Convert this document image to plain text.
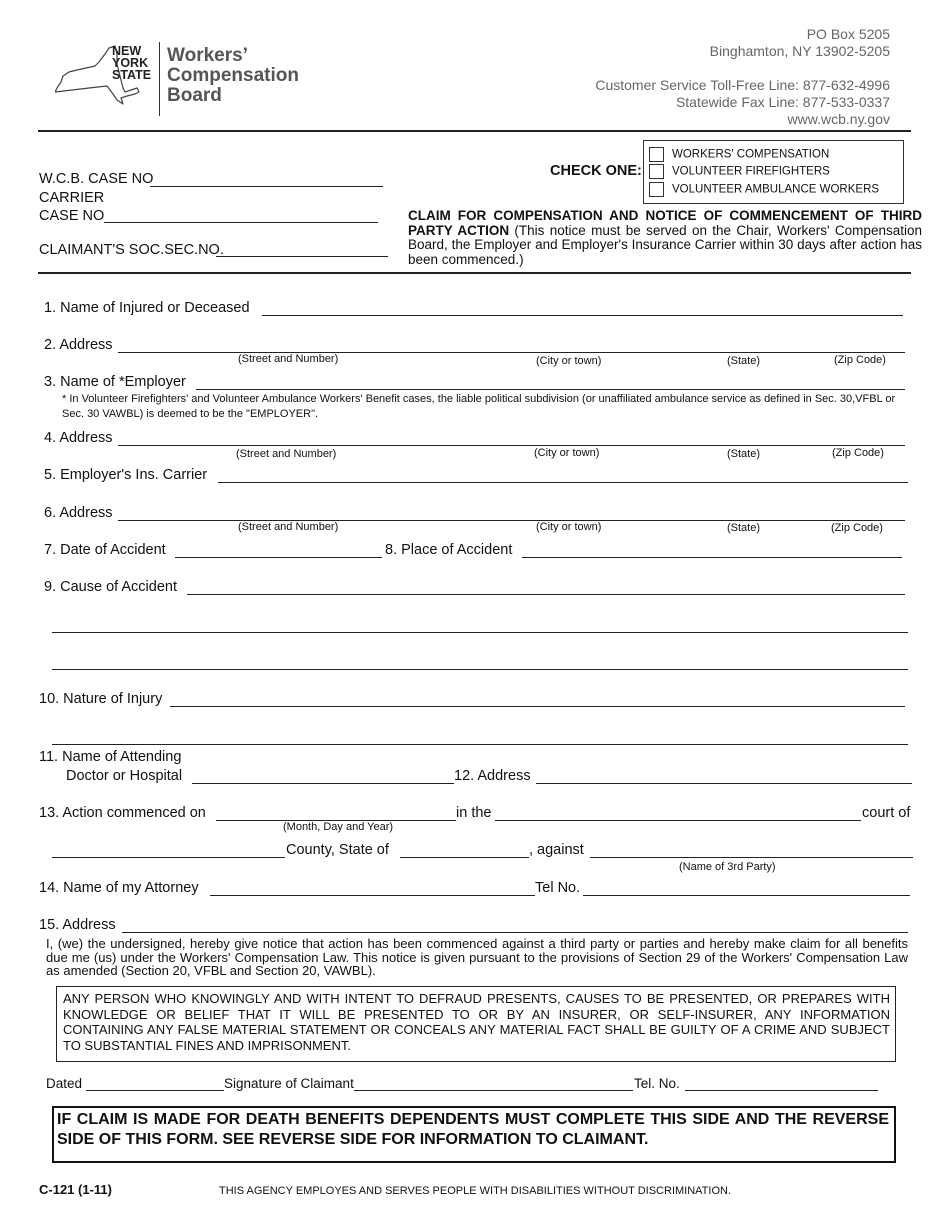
NEW
YORK
STATE
Workers’
Compensation
Board
PO Box 5205
Binghamton, NY 13902-5205
Customer Service Toll-Free Line: 877-632-4996
Statewide Fax Line: 877-533-0337
www.wcb.ny.gov
W.C.B. CASE NO
CARRIER
CASE NO
CLAIMANT'S SOC.SEC.NO.
CHECK ONE:
WORKERS' COMPENSATION
VOLUNTEER FIREFIGHTERS
VOLUNTEER AMBULANCE WORKERS
CLAIM FOR COMPENSATION AND NOTICE OF COMMENCEMENT OF THIRD PARTY ACTION (This notice must be served on the Chair, Workers' Compensation Board, the Employer and Employer's Insurance Carrier within 30 days after action has been commenced.)
1. Name of Injured or Deceased
2. Address
(Street and Number)	(City or town)	(State)	(Zip Code)
3. Name of *Employer
* In Volunteer Firefighters' and Volunteer Ambulance Workers' Benefit cases, the liable political subdivision (or unaffiliated ambulance service as defined in Sec. 30,VFBL or Sec. 30 VAWBL) is deemed to be the "EMPLOYER".
4. Address
(Street and Number)	(City or town)	(State)	(Zip Code)
5. Employer's Ins. Carrier
6. Address
(Street and Number)	(City or town)	(State)	(Zip Code)
7. Date of Accident	8. Place of Accident
9. Cause of Accident
10. Nature of Injury
11. Name of Attending
Doctor or Hospital	12. Address
13. Action commenced on
(Month, Day and Year)
in the	court of
County, State of	, against
(Name of 3rd Party)
14. Name of my Attorney	Tel No.
15. Address
I, (we) the undersigned, hereby give notice that action has been commenced against a third party or parties and hereby make claim for all benefits due me (us) under the Workers' Compensation Law. This notice is given pursuant to the provisions of Section 29 of the Workers' Compensation Law as amended (Section 20, VFBL and Section 20, VAWBL).
ANY PERSON WHO KNOWINGLY AND WITH INTENT TO DEFRAUD PRESENTS, CAUSES TO BE PRESENTED, OR PREPARES WITH KNOWLEDGE OR BELIEF THAT IT WILL BE PRESENTED TO OR BY AN INSURER, OR SELF-INSURER, ANY INFORMATION CONTAINING ANY FALSE MATERIAL STATEMENT OR CONCEALS ANY MATERIAL FACT SHALL BE GUILTY OF A CRIME AND SUBJECT TO SUBSTANTIAL FINES AND IMPRISONMENT.
Dated	Signature of Claimant	Tel. No.
IF CLAIM IS MADE FOR DEATH BENEFITS DEPENDENTS MUST COMPLETE THIS SIDE AND THE REVERSE SIDE OF THIS FORM. SEE REVERSE SIDE FOR INFORMATION TO CLAIMANT.
C-121 (1-11)	THIS AGENCY EMPLOYES AND SERVES PEOPLE WITH DISABILITIES WITHOUT DISCRIMINATION.
